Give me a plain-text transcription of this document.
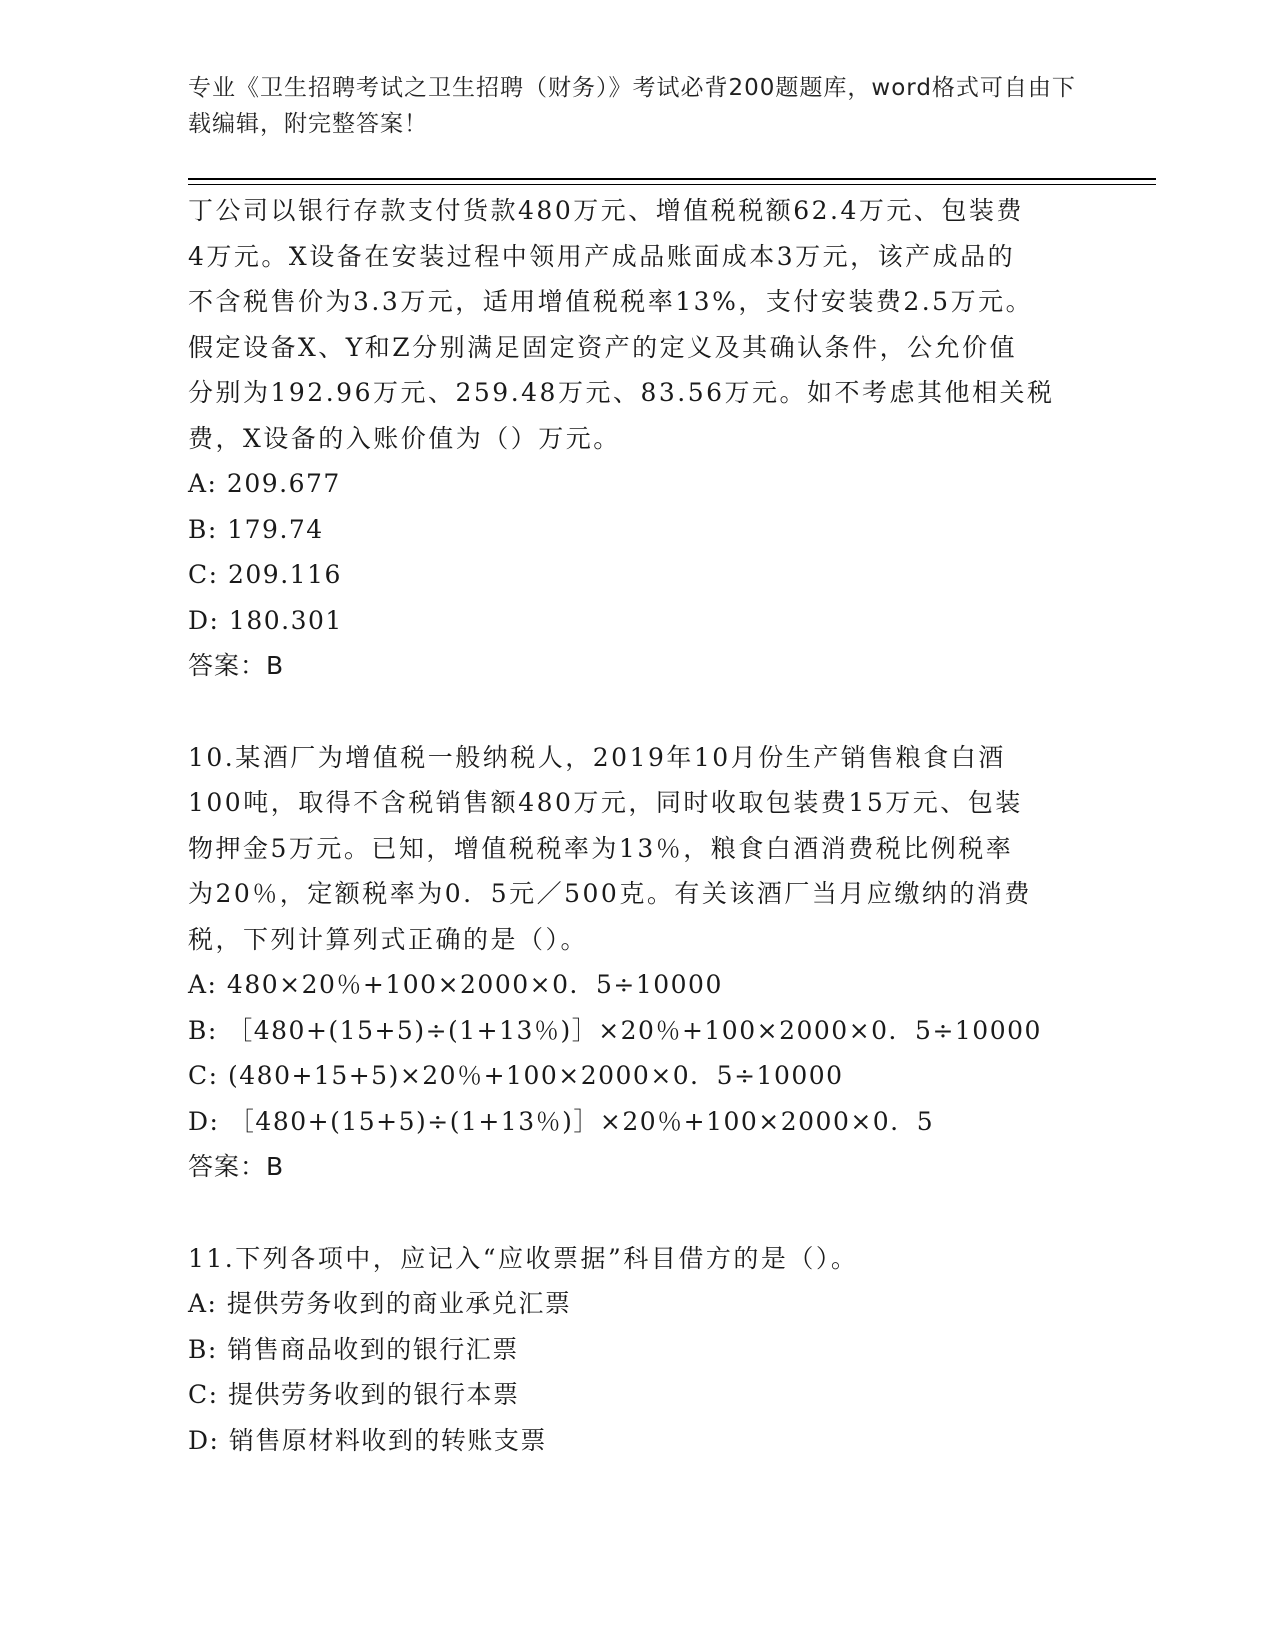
专业《卫生招聘考试之卫生招聘（财务）》考试必背200题题库，word格式可自由下载编辑，附完整答案！

丁公司以银行存款支付货款480万元、增值税税额62.4万元、包装费

4万元。X设备在安装过程中领用产成品账面成本3万元，该产成品的

不含税售价为3.3万元，适用增值税税率13%，支付安装费2.5万元。

假定设备X、Y和Z分别满足固定资产的定义及其确认条件，公允价值

分别为192.96万元、259.48万元、83.56万元。如不考虑其他相关税

费，X设备的入账价值为（）万元。

A: 209.677

B: 179.74

C: 209.116

D: 180.301

答案：B

10.某酒厂为增值税一般纳税人，2019年10月份生产销售粮食白酒

100吨，取得不含税销售额480万元，同时收取包装费15万元、包装

物押金5万元。已知，增值税税率为13％，粮食白酒消费税比例税率

为20％，定额税率为0．5元／500克。有关该酒厂当月应缴纳的消费

税，下列计算列式正确的是（）。

A: 480×20％+100×2000×0．5÷10000

B: ［480+(15+5)÷(1+13％)］×20％+100×2000×0．5÷10000

C: (480+15+5)×20％+100×2000×0．5÷10000

D: ［480+(15+5)÷(1+13％)］×20％+100×2000×0．5

答案：B

11.下列各项中，应记入“应收票据”科目借方的是（）。

A: 提供劳务收到的商业承兑汇票

B: 销售商品收到的银行汇票

C: 提供劳务收到的银行本票

D: 销售原材料收到的转账支票
